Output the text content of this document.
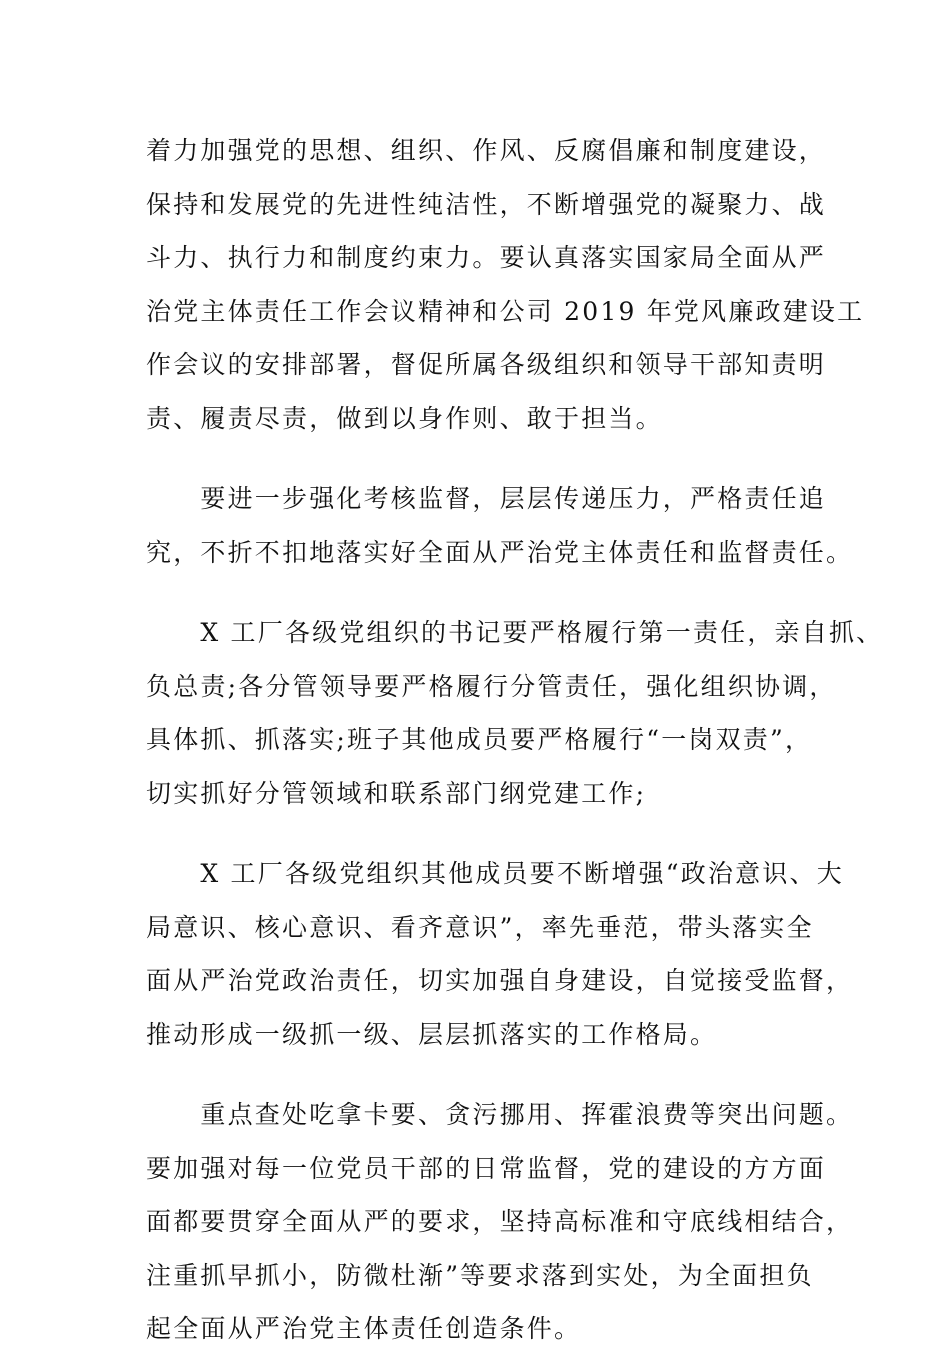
着力加强党的思想、组织、作风、反腐倡廉和制度建设，
保持和发展党的先进性纯洁性，不断增强党的凝聚力、战
斗力、执行力和制度约束力。要认真落实国家局全面从严
治党主体责任工作会议精神和公司 2019 年党风廉政建设工
作会议的安排部署，督促所属各级组织和领导干部知责明
责、履责尽责，做到以身作则、敢于担当。
　　要进一步强化考核监督，层层传递压力，严格责任追
究，不折不扣地落实好全面从严治党主体责任和监督责任。
　　X 工厂各级党组织的书记要严格履行第一责任，亲自抓、
负总责;各分管领导要严格履行分管责任，强化组织协调，
具体抓、抓落实;班子其他成员要严格履行“一岗双责”，
切实抓好分管领域和联系部门纲党建工作;
　　X 工厂各级党组织其他成员要不断增强“政治意识、大
局意识、核心意识、看齐意识”，率先垂范，带头落实全
面从严治党政治责任，切实加强自身建设，自觉接受监督，
推动形成一级抓一级、层层抓落实的工作格局。
　　重点查处吃拿卡要、贪污挪用、挥霍浪费等突出问题。
要加强对每一位党员干部的日常监督，党的建设的方方面
面都要贯穿全面从严的要求，坚持高标准和守底线相结合，
注重抓早抓小，防微杜渐”等要求落到实处，为全面担负
起全面从严治党主体责任创造条件。
